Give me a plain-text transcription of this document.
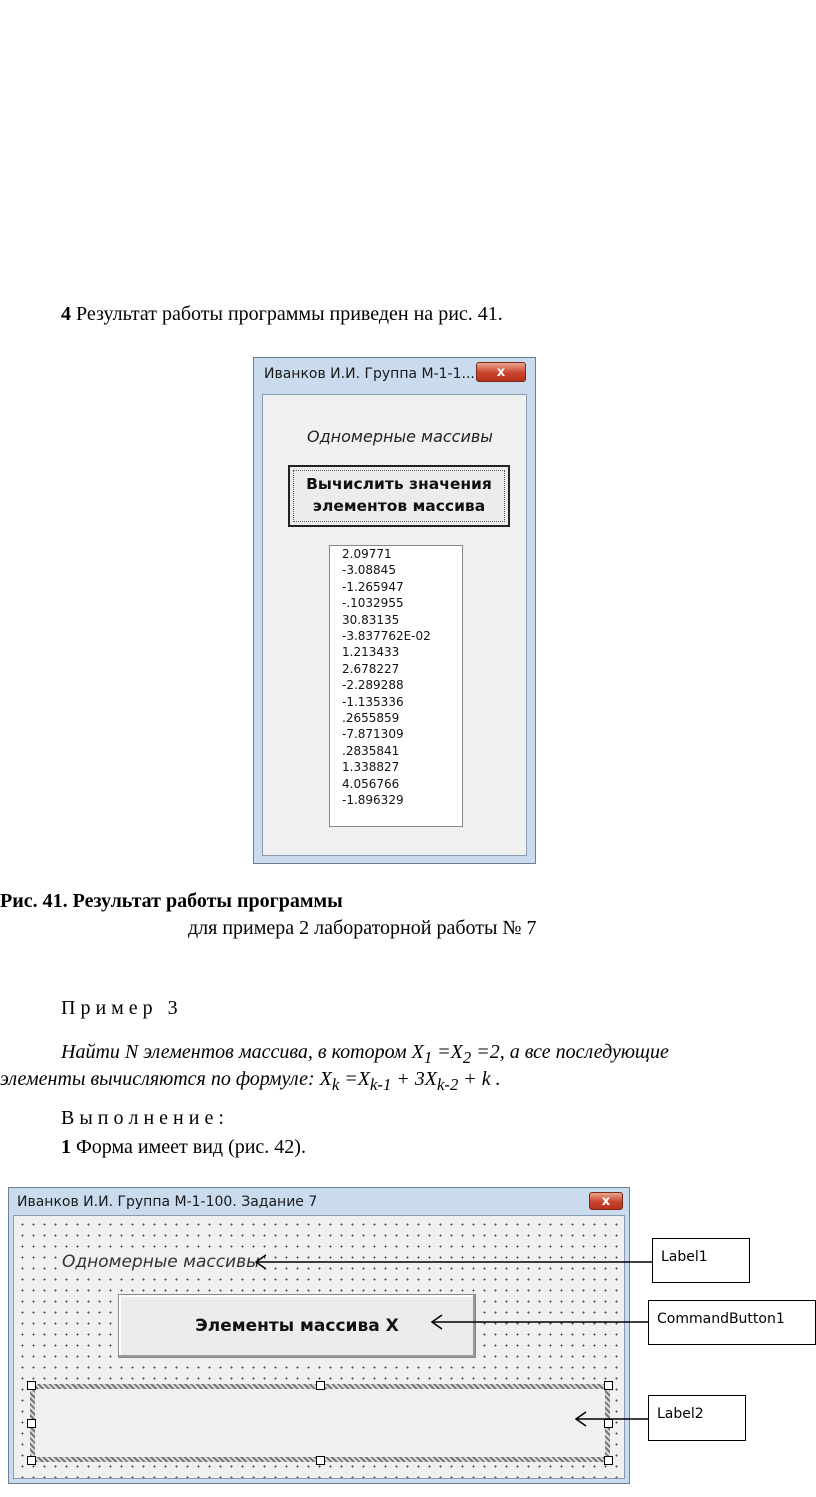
4 Результат работы программы приведен на рис. 41.
Иванков И.И. Группа М-1-1...	x
Одномерные массивы
Вычислить значения
элементов массива
2.09771
-3.08845
-1.265947
-.1032955
30.83135
-3.837762E-02
1.213433
2.678227
-2.289288
-1.135336
.2655859
-7.871309
.2835841
1.338827
4.056766
-1.896329
Рис. 41. Результат работы программы
для примера 2 лабораторной работы № 7
П р и м е р   3
Найти N элементов массива, в котором $X_1 =X_2 =2$, а все последующие
элементы вычисляются по формуле: $X_k =X_{k-1} + 3X_{k-2} + k$ .
В ы п о л н е н и е :
1 Форма имеет вид (рис. 42).
Иванков И.И. Группа М-1-100. Задание 7	x
Одномерные массивы
Элементы массива X
Label1
CommandButton1
Label2
